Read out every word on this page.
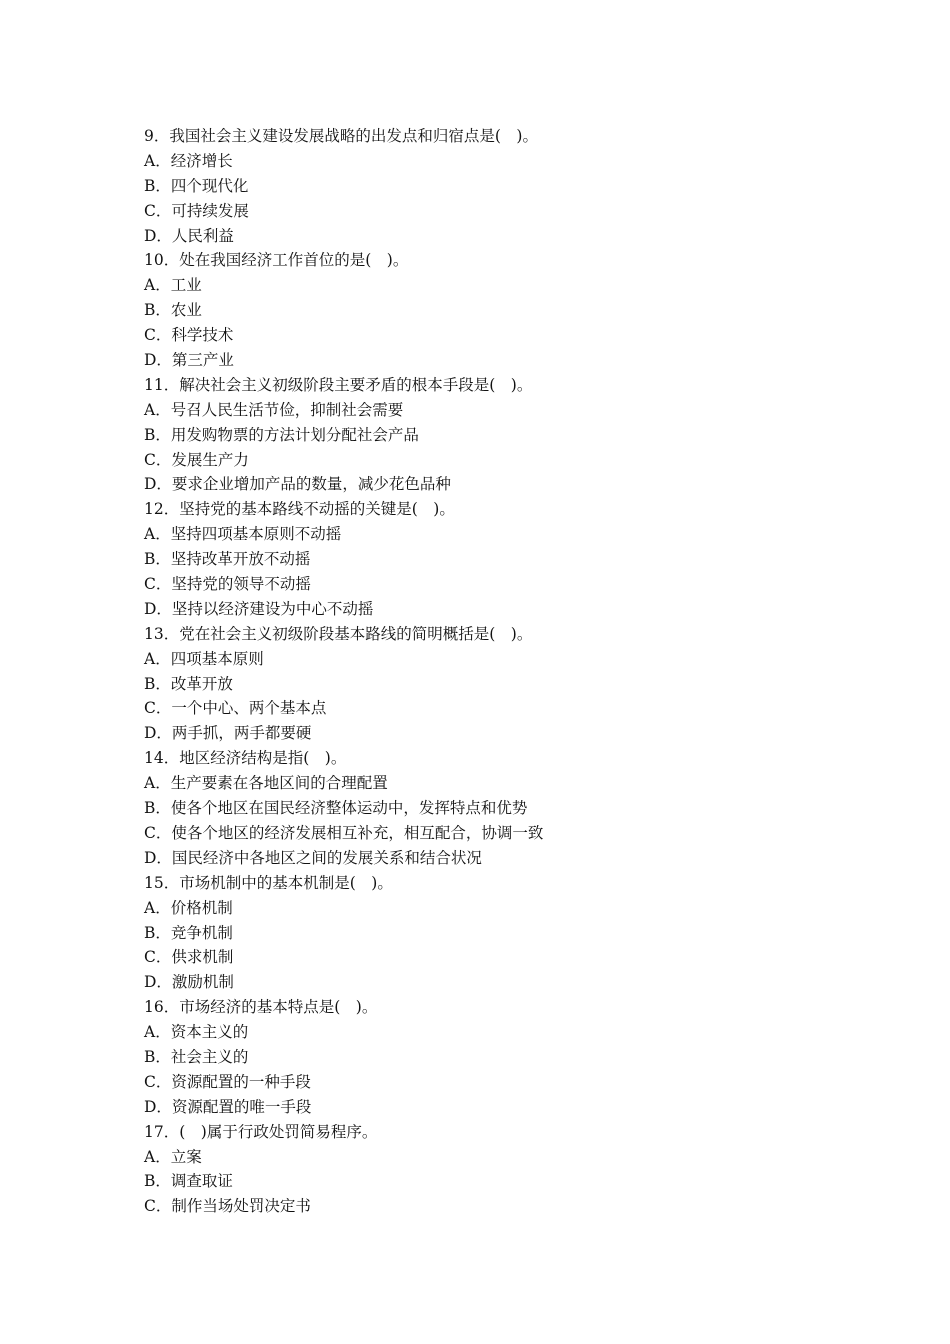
9．我国社会主义建设发展战略的出发点和归宿点是(　)。
A．经济增长
B．四个现代化
C．可持续发展
D．人民利益
10．处在我国经济工作首位的是(　)。
A．工业
B．农业
C．科学技术
D．第三产业
11．解决社会主义初级阶段主要矛盾的根本手段是(　)。
A．号召人民生活节俭，抑制社会需要
B．用发购物票的方法计划分配社会产品
C．发展生产力
D．要求企业增加产品的数量，减少花色品种
12．坚持党的基本路线不动摇的关键是(　)。
A．坚持四项基本原则不动摇
B．坚持改革开放不动摇
C．坚持党的领导不动摇
D．坚持以经济建设为中心不动摇
13．党在社会主义初级阶段基本路线的简明概括是(　)。
A．四项基本原则
B．改革开放
C．一个中心、两个基本点
D．两手抓，两手都要硬
14．地区经济结构是指(　)。
A．生产要素在各地区间的合理配置
B．使各个地区在国民经济整体运动中，发挥特点和优势
C．使各个地区的经济发展相互补充，相互配合，协调一致
D．国民经济中各地区之间的发展关系和结合状况
15．市场机制中的基本机制是(　)。
A．价格机制
B．竞争机制
C．供求机制
D．激励机制
16．市场经济的基本特点是(　)。
A．资本主义的
B．社会主义的
C．资源配置的一种手段
D．资源配置的唯一手段
17．(　)属于行政处罚简易程序。
A．立案
B．调查取证
C．制作当场处罚决定书
